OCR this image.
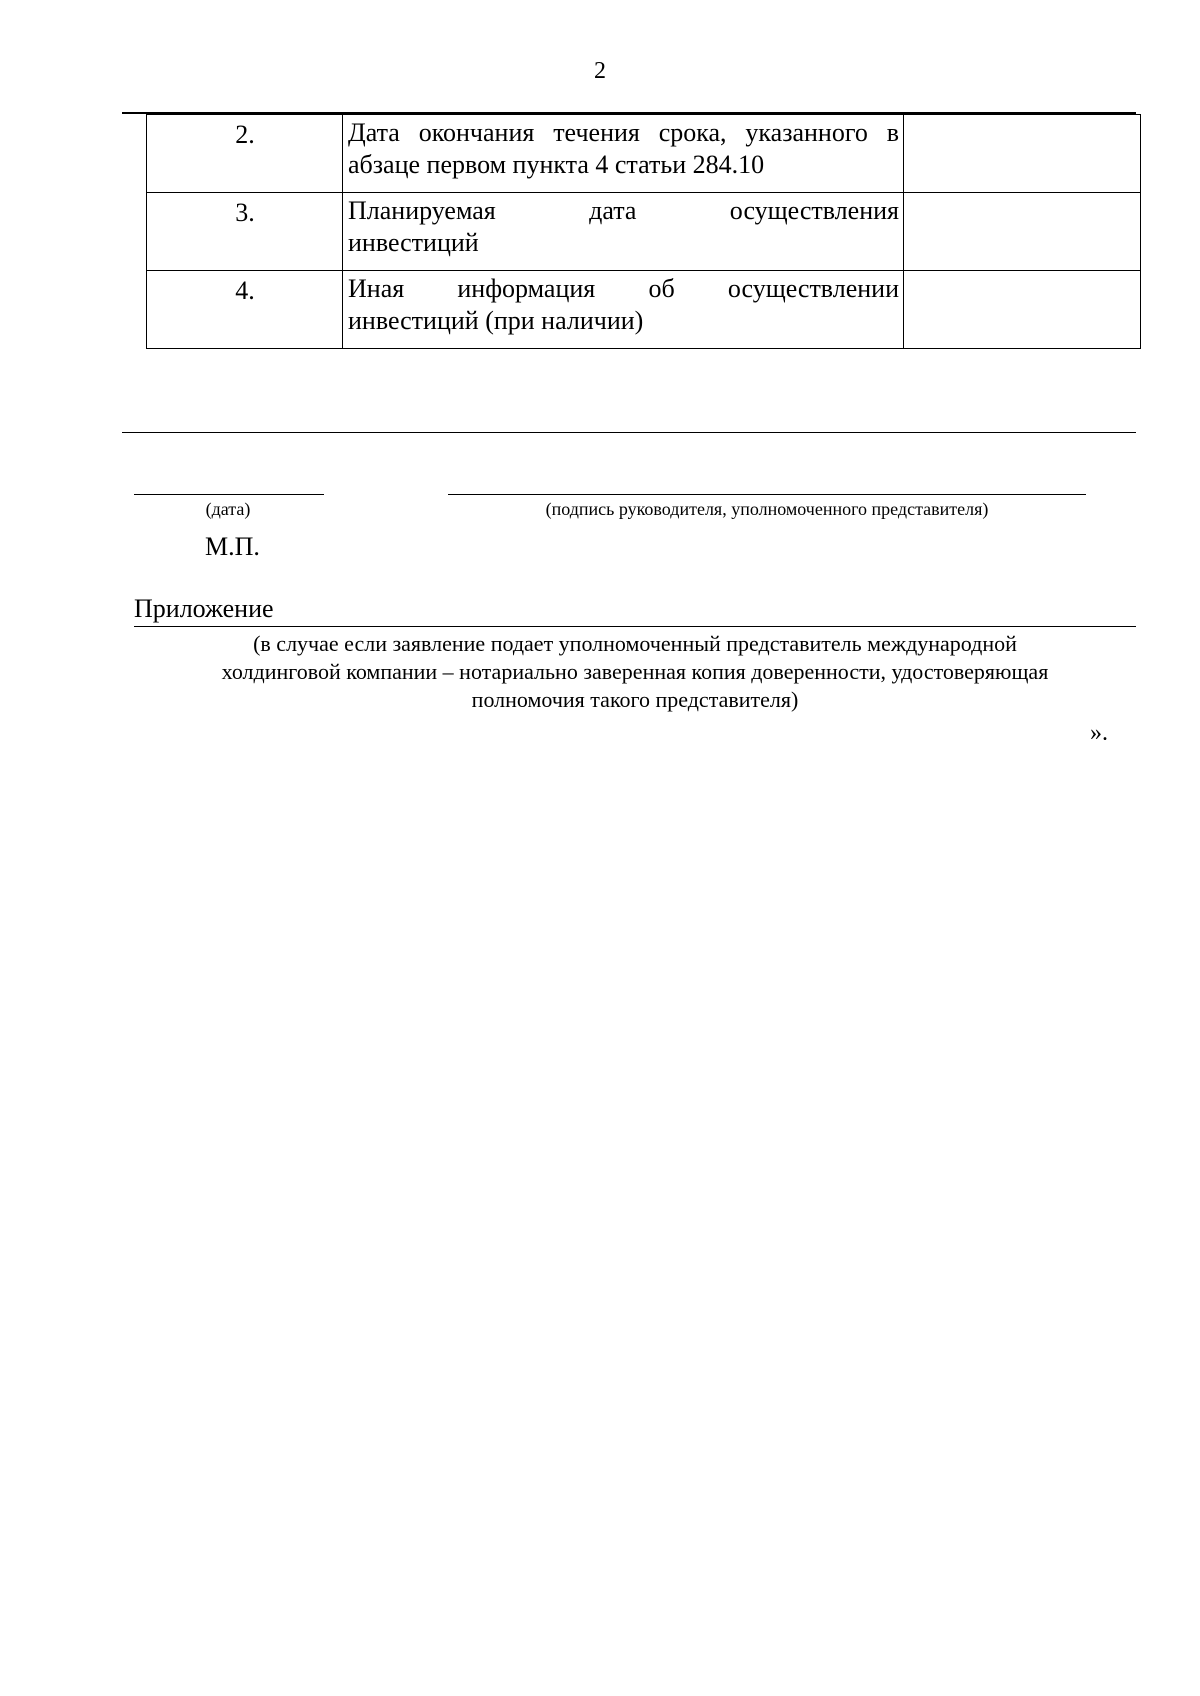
2
2.	Дата окончания течения срока, указанного в
абзаце первом пункта 4 статьи 284.10	

3.	Планируемая дата осуществления
инвестиций	

4.	Иная информация об осуществлении
инвестиций (при наличии)	

(дата)	(подпись руководителя, уполномоченного представителя)
М.П.
Приложение
(в случае если заявление подает уполномоченный представитель международной
холдинговой компании – нотариально заверенная копия доверенности, удостоверяющая
полномочия такого представителя)
».
